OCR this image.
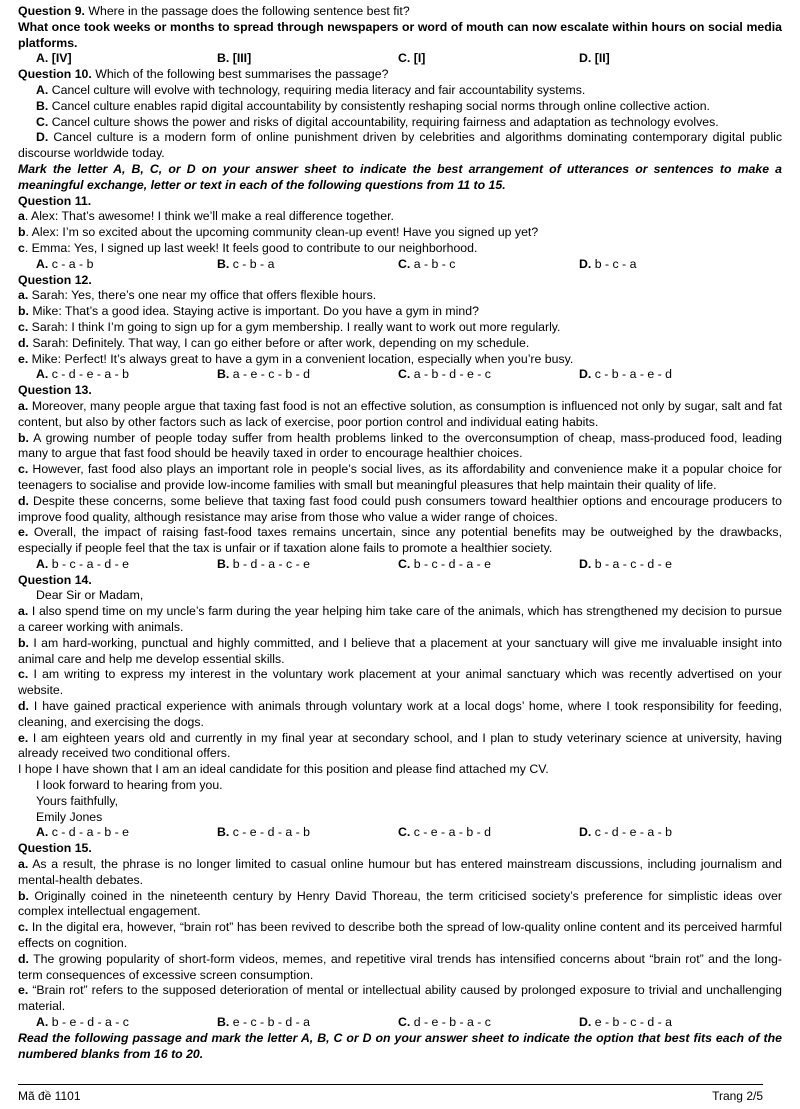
Question 9. Where in the passage does the following sentence best fit?
What once took weeks or months to spread through newspapers or word of mouth can now escalate within hours on social media platforms.
A. [IV]	B. [III]	C. [I]	D. [II]
Question 10. Which of the following best summarises the passage?
A. Cancel culture will evolve with technology, requiring media literacy and fair accountability systems.
B. Cancel culture enables rapid digital accountability by consistently reshaping social norms through online collective action.
C. Cancel culture shows the power and risks of digital accountability, requiring fairness and adaptation as technology evolves.
D. Cancel culture is a modern form of online punishment driven by celebrities and algorithms dominating contemporary digital public discourse worldwide today.
Mark the letter A, B, C, or D on your answer sheet to indicate the best arrangement of utterances or sentences to make a meaningful exchange, letter or text in each of the following questions from 11 to 15.
Question 11.
a. Alex: That’s awesome! I think we’ll make a real difference together.
b. Alex: I’m so excited about the upcoming community clean-up event! Have you signed up yet?
c. Emma: Yes, I signed up last week! It feels good to contribute to our neighborhood.
A. c - a - b	B. c - b - a	C. a - b - c	D. b - c - a
Question 12.
a. Sarah: Yes, there’s one near my office that offers flexible hours.
b. Mike: That’s a good idea. Staying active is important. Do you have a gym in mind?
c. Sarah: I think I’m going to sign up for a gym membership. I really want to work out more regularly.
d. Sarah: Definitely. That way, I can go either before or after work, depending on my schedule.
e. Mike: Perfect! It’s always great to have a gym in a convenient location, especially when you’re busy.
A. c - d - e - a - b	B. a - e - c - b - d	C. a - b - d - e - c	D. c - b - a - e - d
Question 13.
a. Moreover, many people argue that taxing fast food is not an effective solution, as consumption is influenced not only by sugar, salt and fat content, but also by other factors such as lack of exercise, poor portion control and individual eating habits.
b. A growing number of people today suffer from health problems linked to the overconsumption of cheap, mass-produced food, leading many to argue that fast food should be heavily taxed in order to encourage healthier choices.
c. However, fast food also plays an important role in people’s social lives, as its affordability and convenience make it a popular choice for teenagers to socialise and provide low-income families with small but meaningful pleasures that help maintain their quality of life.
d. Despite these concerns, some believe that taxing fast food could push consumers toward healthier options and encourage producers to improve food quality, although resistance may arise from those who value a wider range of choices.
e. Overall, the impact of raising fast-food taxes remains uncertain, since any potential benefits may be outweighed by the drawbacks, especially if people feel that the tax is unfair or if taxation alone fails to promote a healthier society.
A. b - c - a - d - e	B. b - d - a - c - e	C. b - c - d - a - e	D. b - a - c - d - e
Question 14.
Dear Sir or Madam,
a. I also spend time on my uncle’s farm during the year helping him take care of the animals, which has strengthened my decision to pursue a career working with animals.
b. I am hard-working, punctual and highly committed, and I believe that a placement at your sanctuary will give me invaluable insight into animal care and help me develop essential skills.
c. I am writing to express my interest in the voluntary work placement at your animal sanctuary which was recently advertised on your website.
d. I have gained practical experience with animals through voluntary work at a local dogs’ home, where I took responsibility for feeding, cleaning, and exercising the dogs.
e. I am eighteen years old and currently in my final year at secondary school, and I plan to study veterinary science at university, having already received two conditional offers.
I hope I have shown that I am an ideal candidate for this position and please find attached my CV.
I look forward to hearing from you.
Yours faithfully,
Emily Jones
A. c - d - a - b - e	B. c - e - d - a - b	C. c - e - a - b - d	D. c - d - e - a - b
Question 15.
a. As a result, the phrase is no longer limited to casual online humour but has entered mainstream discussions, including journalism and mental-health debates.
b. Originally coined in the nineteenth century by Henry David Thoreau, the term criticised society’s preference for simplistic ideas over complex intellectual engagement.
c. In the digital era, however, “brain rot” has been revived to describe both the spread of low-quality online content and its perceived harmful effects on cognition.
d. The growing popularity of short-form videos, memes, and repetitive viral trends has intensified concerns about “brain rot” and the long-term consequences of excessive screen consumption.
e. “Brain rot” refers to the supposed deterioration of mental or intellectual ability caused by prolonged exposure to trivial and unchallenging material.
A. b - e - d - a - c	B. e - c - b - d - a	C. d - e - b - a - c	D. e - b - c - d - a
Read the following passage and mark the letter A, B, C or D on your answer sheet to indicate the option that best fits each of the numbered blanks from 16 to 20.
Mã đề 1101	Trang 2/5
